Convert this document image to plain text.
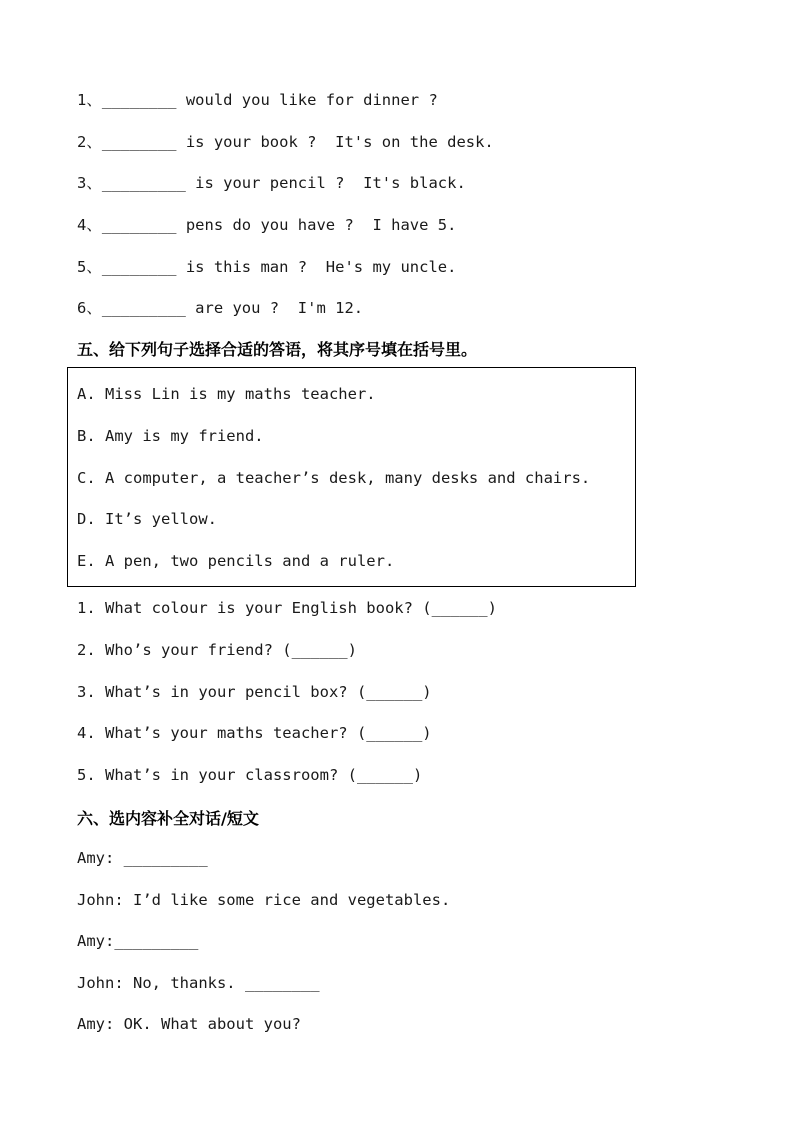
1、________ would you like for dinner ?
2、________ is your book ?  It's on the desk.
3、_________ is your pencil ?  It's black.
4、________ pens do you have ?  I have 5.
5、________ is this man ?  He's my uncle.
6、_________ are you ?  I'm 12.
五、给下列句子选择合适的答语，将其序号填在括号里。
A. Miss Lin is my maths teacher.
B. Amy is my friend.
C. A computer, a teacher’s desk, many desks and chairs.
D. It’s yellow.
E. A pen, two pencils and a ruler.
1. What colour is your English book? (______)
2. Who’s your friend? (______)
3. What’s in your pencil box? (______)
4. What’s your maths teacher? (______)
5. What’s in your classroom? (______)
六、选内容补全对话/短文
Amy: _________
John: I’d like some rice and vegetables.
Amy:_________
John: No, thanks. ________
Amy: OK. What about you?
